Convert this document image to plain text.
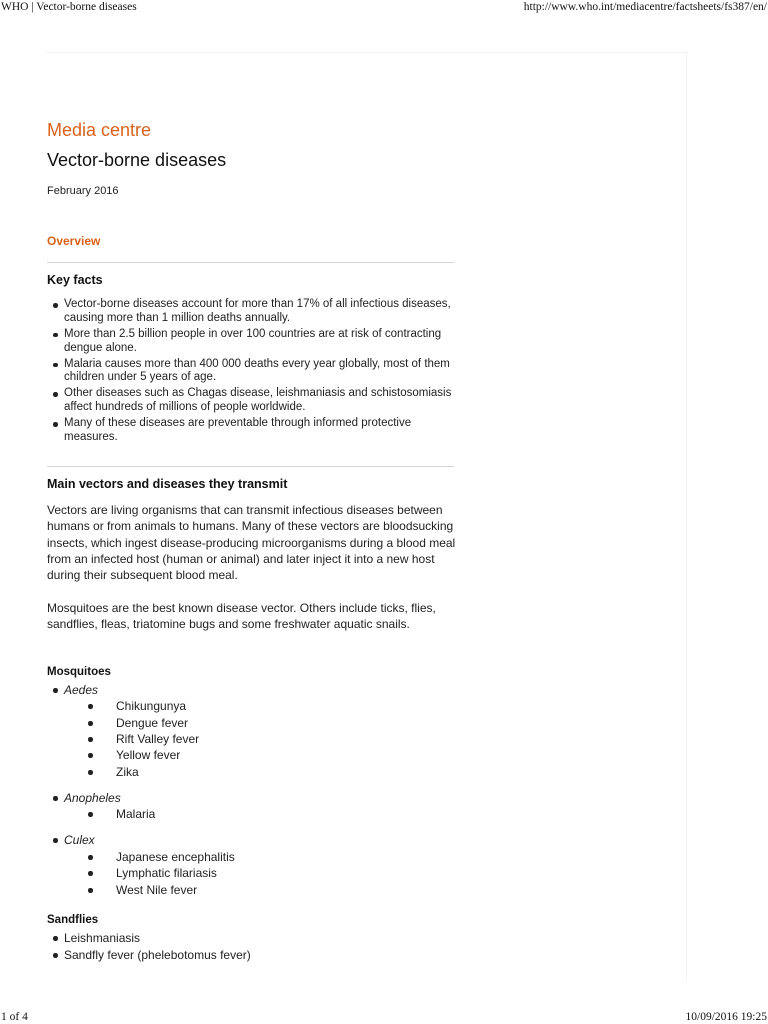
WHO | Vector-borne diseases	http://www.who.int/mediacentre/factsheets/fs387/en/
Media centre
Vector-borne diseases
February 2016
Overview
Key facts
Vector-borne diseases account for more than 17% of all infectious diseases, causing more than 1 million deaths annually.
More than 2.5 billion people in over 100 countries are at risk of contracting dengue alone.
Malaria causes more than 400 000 deaths every year globally, most of them children under 5 years of age.
Other diseases such as Chagas disease, leishmaniasis and schistosomiasis affect hundreds of millions of people worldwide.
Many of these diseases are preventable through informed protective measures.
Main vectors and diseases they transmit
Vectors are living organisms that can transmit infectious diseases between humans or from animals to humans. Many of these vectors are bloodsucking insects, which ingest disease-producing microorganisms during a blood meal from an infected host (human or animal) and later inject it into a new host during their subsequent blood meal.
Mosquitoes are the best known disease vector. Others include ticks, flies, sandflies, fleas, triatomine bugs and some freshwater aquatic snails.
Mosquitoes
Aedes
Chikungunya
Dengue fever
Rift Valley fever
Yellow fever
Zika
Anopheles
Malaria
Culex
Japanese encephalitis
Lymphatic filariasis
West Nile fever
Sandflies
Leishmaniasis
Sandfly fever (phelebotomus fever)
1 of 4	10/09/2016 19:25
